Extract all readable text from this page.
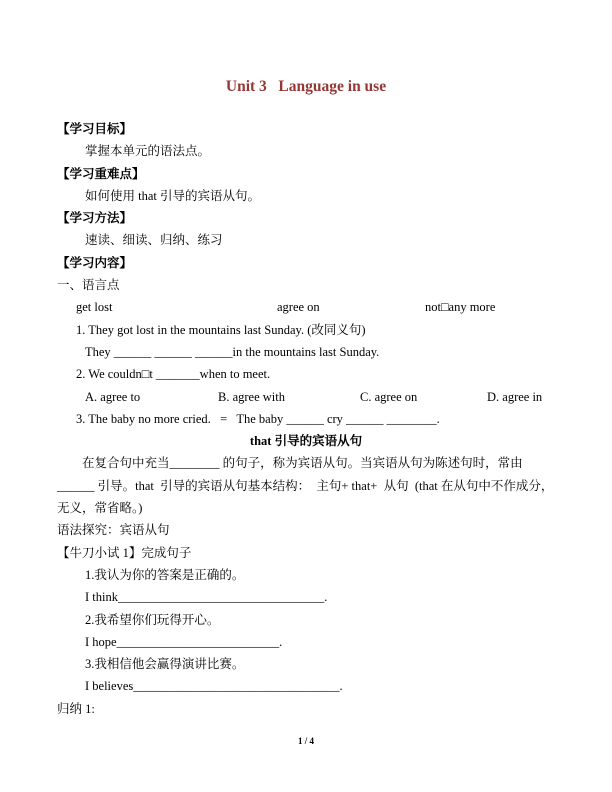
Unit 3   Language in use

【学习目标】

掌握本单元的语法点。

【学习重难点】

如何使用 that 引导的宾语从句。

【学习方法】

速读、细读、归纳、练习

【学习内容】

一、语言点

get lost	agree on	not□any more

1. They got lost in the mountains last Sunday. (改同义句)

They ______ ______ ______in the mountains last Sunday.

2. We couldn□t _______when to meet.

A. agree to	B. agree with	C. agree on	D. agree in

3. The baby no more cried.   =   The baby ______ cry ______ ________.

that 引导的宾语从句

在复合句中充当________ 的句子，称为宾语从句。当宾语从句为陈述句时，常由______ 引导。that  引导的宾语从句基本结构：  主句+ that+  从句  (that 在从句中不作成分，无义，常省略。)

语法探究：宾语从句

【牛刀小试 1】完成句子

1.我认为你的答案是正确的。

I think_________________________________.

2.我希望你们玩得开心。

I hope__________________________.

3.我相信他会赢得演讲比赛。

I believes_________________________________.

归纳 1:

1 / 4
